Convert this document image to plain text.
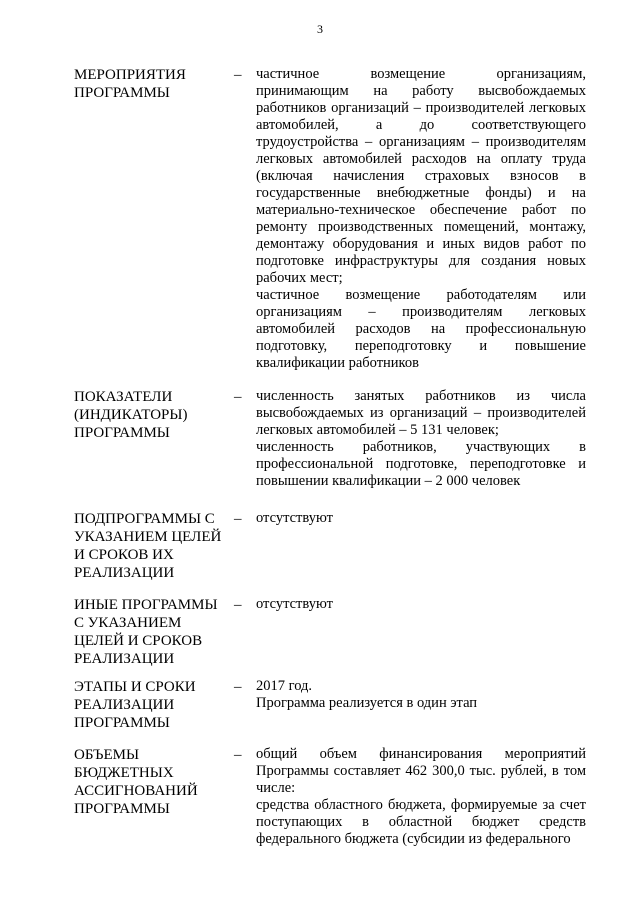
3
МЕРОПРИЯТИЯ ПРОГРАММЫ
– частичное возмещение организациям, принимающим на работу высвобождаемых работников организаций – производителей легковых автомобилей, а до соответствующего трудоустройства – организациям – производителям легковых автомобилей расходов на оплату труда (включая начисления страховых взносов в государственные внебюджетные фонды) и на материально-техническое обеспечение работ по ремонту производственных помещений, монтажу, демонтажу оборудования и иных видов работ по подготовке инфраструктуры для создания новых рабочих мест;

частичное возмещение работодателям или организациям – производителям легковых автомобилей расходов на профессиональную подготовку, переподготовку и повышение квалификации работников

ПОКАЗАТЕЛИ (ИНДИКАТОРЫ) ПРОГРАММЫ
– численность занятых работников из числа высвобождаемых из организаций – производителей легковых автомобилей – 5 131 человек;

численность работников, участвующих в профессиональной подготовке, переподготовке и повышении квалификации – 2 000 человек

ПОДПРОГРАММЫ С УКАЗАНИЕМ ЦЕЛЕЙ И СРОКОВ ИХ РЕАЛИЗАЦИИ
– отсутствуют

ИНЫЕ ПРОГРАММЫ С УКАЗАНИЕМ ЦЕЛЕЙ И СРОКОВ РЕАЛИЗАЦИИ
– отсутствуют

ЭТАПЫ И СРОКИ РЕАЛИЗАЦИИ ПРОГРАММЫ
– 2017 год.

Программа реализуется в один этап

ОБЪЕМЫ БЮДЖЕТНЫХ АССИГНОВАНИЙ ПРОГРАММЫ
– общий объем финансирования мероприятий Программы составляет 462 300,0 тыс. рублей, в том числе:

средства областного бюджета, формируемые за счет поступающих в областной бюджет средств федерального бюджета (субсидии из федерального
